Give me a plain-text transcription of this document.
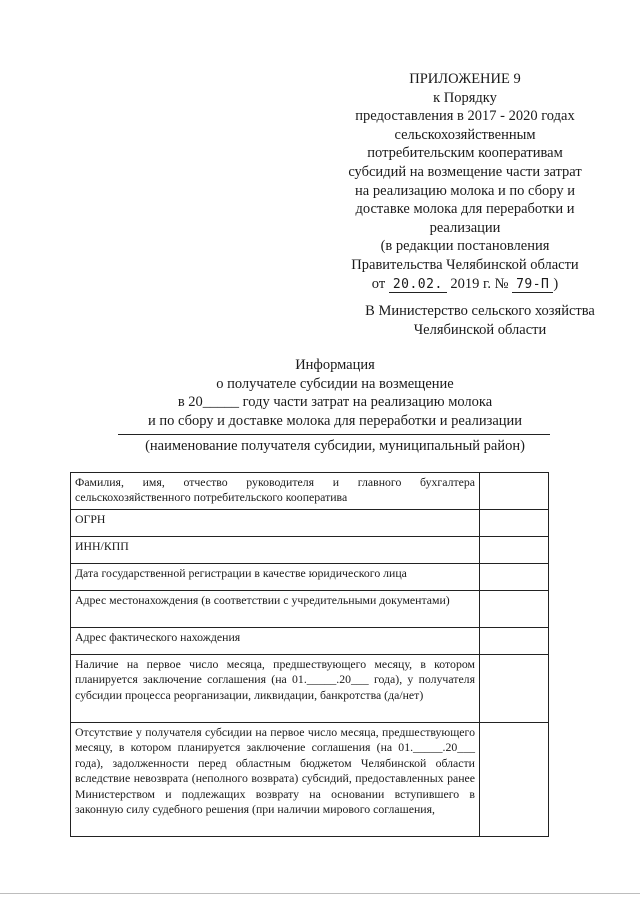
ПРИЛОЖЕНИЕ 9
к Порядку
предоставления в 2017 - 2020 годах
сельскохозяйственным
потребительским кооперативам
субсидий на возмещение части затрат
на реализацию молока и по сбору и
доставке молока для переработки и
реализации
(в редакции постановления
Правительства Челябинской области
от 20.02. 2019 г. № 79-П )
В Министерство сельского хозяйства
Челябинской области
Информация
о получателе субсидии на возмещение
в 20_____ году части затрат на реализацию молока
и по сбору и доставке молока для переработки и реализации
(наименование получателя субсидии, муниципальный район)
Фамилия, имя, отчество руководителя и главного бухгалтера сельскохозяйственного потребительского кооператива	
ОГРН	
ИНН/КПП	
Дата государственной регистрации в качестве юридического лица	
Адрес местонахождения (в соответствии с учредительными документами)	
Адрес фактического нахождения	
Наличие на первое число месяца, предшествующего месяцу, в котором планируется заключение соглашения (на 01._____.20___ года), у получателя субсидии процесса реорганизации, ликвидации, банкротства (да/нет)	
Отсутствие у получателя субсидии на первое число месяца, предшествующего месяцу, в котором планируется заключение соглашения (на 01._____.20___ года), задолженности перед областным бюджетом Челябинской области вследствие невозврата (неполного возврата) субсидий, предоставленных ранее Министерством и подлежащих возврату на основании вступившего в законную силу судебного решения (при наличии мирового соглашения,	
